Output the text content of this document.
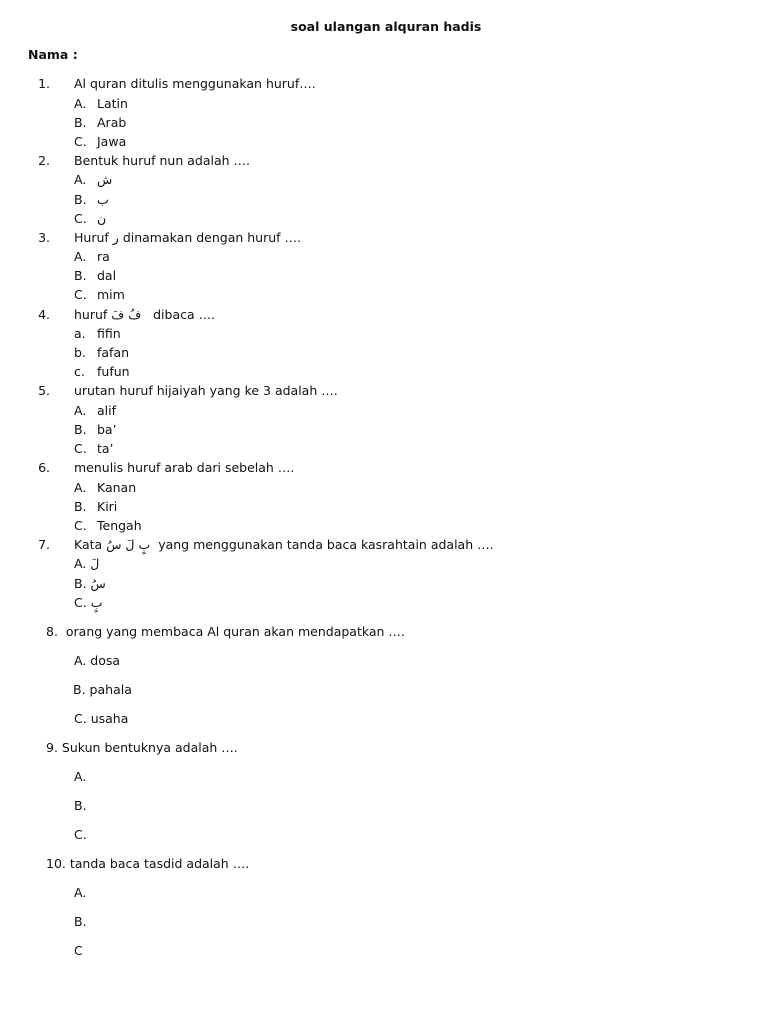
soal ulangan alquran hadis
Nama :
1. Al quran ditulis menggunakan huruf….
A. Latin
B. Arab
C. Jawa
2. Bentuk huruf nun adalah ….
A. ش
B. ب
C. ن
3. Huruf ر dinamakan dengan huruf ….
A. ra
B. dal
C. mim
4. huruf فُ فَ dibaca ….
a. fifin
b. fafan
c. fufun
5. urutan huruf hijaiyah yang ke 3 adalah ….
A. alif
B. ba’
C. ta’
6. menulis huruf arab dari sebelah ….
A. Kanan
B. Kiri
C. Tengah
7. Kata بٍ لَ سُ yang menggunakan tanda baca kasrahtain adalah ….
A. لَ
B. سُ
C. بٍ
8. orang yang membaca Al quran akan mendapatkan ….
A. dosa
B. pahala
C. usaha
9. Sukun bentuknya adalah ….
A.
B.
C.
10. tanda baca tasdid adalah ….
A.
B.
C
